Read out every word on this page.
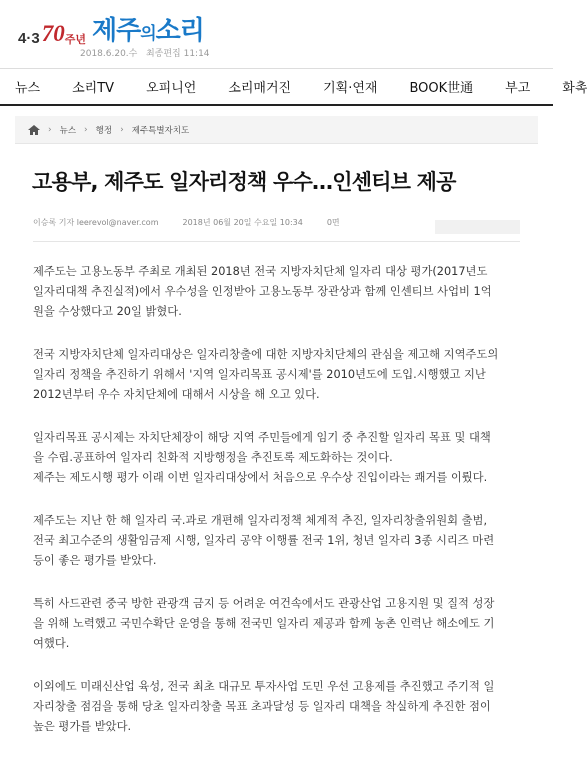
4·3 70 주년 제주의소리
2018.6.20.수 최종편집 11:14
뉴스 소리TV 오피니언 소리매거진 기획·연재 BOOK世通 부고 화촉
› 뉴스 › 행정 › 제주특별자치도
고용부, 제주도 일자리정책 우수…인센티브 제공
이승록 기자 leerevol@naver.com	2018년 06월 20일 수요일 10:34	0면

제주도는 고용노동부 주최로 개최된 2018년 전국 지방자치단체 일자리 대상 평가(2017년도 일자리대책 추진실적)에서 우수성을 인정받아 고용노동부 장관상과 함께 인센티브 사업비 1억원을 수상했다고 20일 밝혔다.

전국 지방자치단체 일자리대상은 일자리창출에 대한 지방자치단체의 관심을 제고해 지역주도의 일자리 정책을 추진하기 위해서 '지역 일자리목표 공시제'를 2010년도에 도입.시행했고 지난 2012년부터 우수 자치단체에 대해서 시상을 해 오고 있다.

일자리목표 공시제는 자치단체장이 해당 지역 주민들에게 임기 중 추진할 일자리 목표 및 대책을 수립.공표하여 일자리 친화적 지방행정을 추진토록 제도화하는 것이다.
제주는 제도시행 평가 이래 이번 일자리대상에서 처음으로 우수상 진입이라는 쾌거를 이뤘다.

제주도는 지난 한 해 일자리 국.과로 개편해 일자리정책 체계적 추진, 일자리창출위원회 출범, 전국 최고수준의 생활임금제 시행, 일자리 공약 이행률 전국 1위, 청년 일자리 3종 시리즈 마련 등이 좋은 평가를 받았다.

특히 사드관련 중국 방한 관광객 금지 등 어려운 여건속에서도 관광산업 고용지원 및 질적 성장을 위해 노력했고 국민수확단 운영을 통해 전국민 일자리 제공과 함께 농촌 인력난 해소에도 기여했다.

이외에도 미래신산업 육성, 전국 최초 대규모 투자사업 도민 우선 고용제를 추진했고 주기적 일자리창출 점검을 통해 당초 일자리창출 목표 초과달성 등 일자리 대책을 착실하게 추진한 점이 높은 평가를 받았다.
